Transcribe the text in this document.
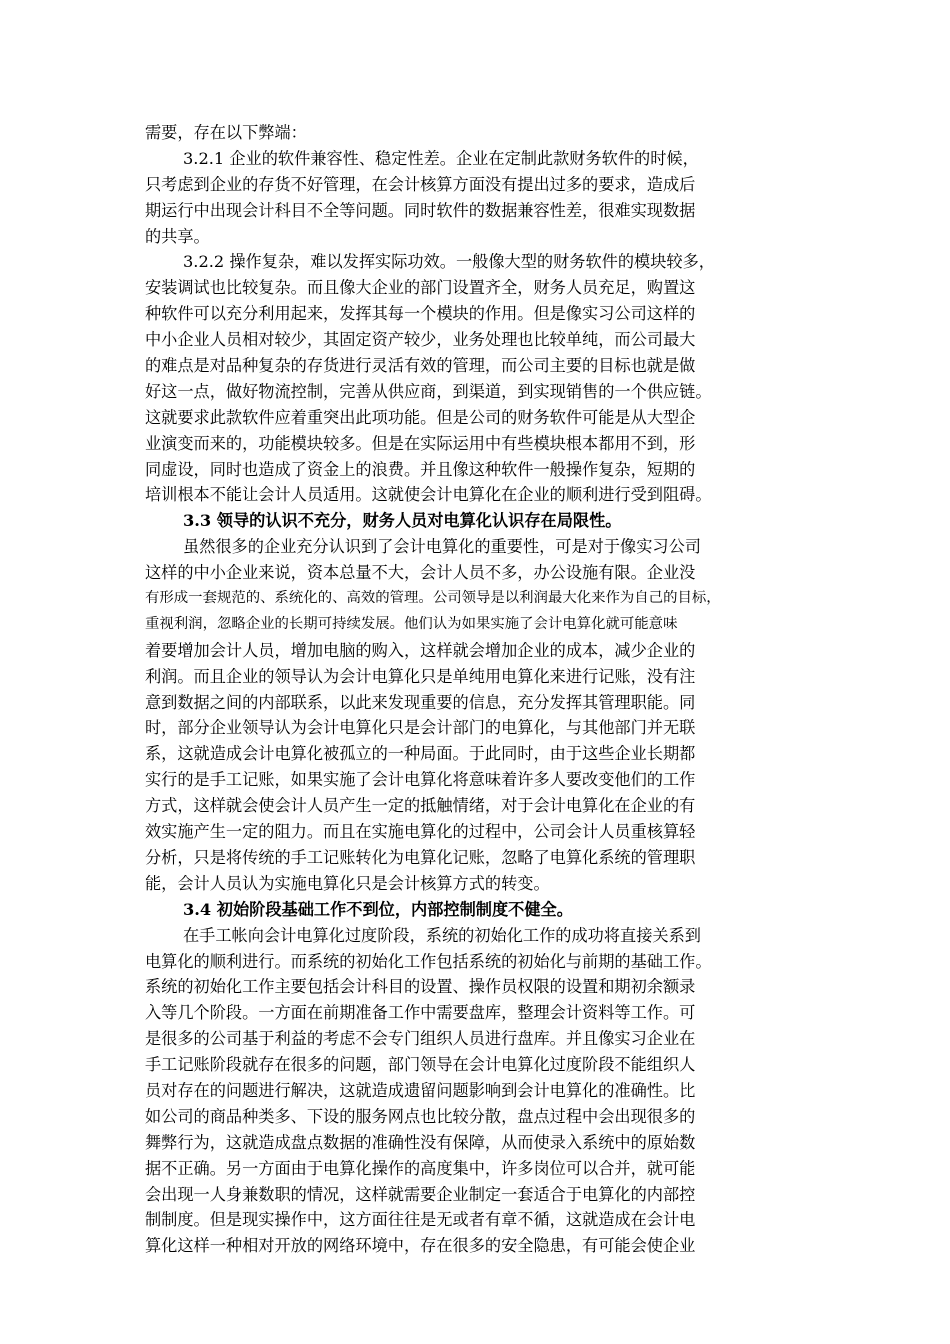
需要，存在以下弊端：
3.2.1 企业的软件兼容性、稳定性差。企业在定制此款财务软件的时候，
只考虑到企业的存货不好管理，在会计核算方面没有提出过多的要求，造成后
期运行中出现会计科目不全等问题。同时软件的数据兼容性差，很难实现数据
的共享。
3.2.2 操作复杂，难以发挥实际功效。一般像大型的财务软件的模块较多，
安装调试也比较复杂。而且像大企业的部门设置齐全，财务人员充足，购置这
种软件可以充分利用起来，发挥其每一个模块的作用。但是像实习公司这样的
中小企业人员相对较少，其固定资产较少，业务处理也比较单纯，而公司最大
的难点是对品种复杂的存货进行灵活有效的管理，而公司主要的目标也就是做
好这一点，做好物流控制，完善从供应商，到渠道，到实现销售的一个供应链。
这就要求此款软件应着重突出此项功能。但是公司的财务软件可能是从大型企
业演变而来的，功能模块较多。但是在实际运用中有些模块根本都用不到，形
同虚设，同时也造成了资金上的浪费。并且像这种软件一般操作复杂，短期的
培训根本不能让会计人员适用。这就使会计电算化在企业的顺利进行受到阻碍。
3.3 领导的认识不充分，财务人员对电算化认识存在局限性。
虽然很多的企业充分认识到了会计电算化的重要性，可是对于像实习公司
这样的中小企业来说，资本总量不大，会计人员不多，办公设施有限。企业没
有形成一套规范的、系统化的、高效的管理。公司领导是以利润最大化来作为自己的目标，
重视利润，忽略企业的长期可持续发展。他们认为如果实施了会计电算化就可能意味
着要增加会计人员，增加电脑的购入，这样就会增加企业的成本，减少企业的
利润。而且企业的领导认为会计电算化只是单纯用电算化来进行记账，没有注
意到数据之间的内部联系，以此来发现重要的信息，充分发挥其管理职能。同
时，部分企业领导认为会计电算化只是会计部门的电算化，与其他部门并无联
系，这就造成会计电算化被孤立的一种局面。于此同时，由于这些企业长期都
实行的是手工记账，如果实施了会计电算化将意味着许多人要改变他们的工作
方式，这样就会使会计人员产生一定的抵触情绪，对于会计电算化在企业的有
效实施产生一定的阻力。而且在实施电算化的过程中，公司会计人员重核算轻
分析，只是将传统的手工记账转化为电算化记账，忽略了电算化系统的管理职
能，会计人员认为实施电算化只是会计核算方式的转变。
3.4 初始阶段基础工作不到位，内部控制制度不健全。
在手工帐向会计电算化过度阶段，系统的初始化工作的成功将直接关系到
电算化的顺利进行。而系统的初始化工作包括系统的初始化与前期的基础工作。
系统的初始化工作主要包括会计科目的设置、操作员权限的设置和期初余额录
入等几个阶段。一方面在前期准备工作中需要盘库，整理会计资料等工作。可
是很多的公司基于利益的考虑不会专门组织人员进行盘库。并且像实习企业在
手工记账阶段就存在很多的问题，部门领导在会计电算化过度阶段不能组织人
员对存在的问题进行解决，这就造成遗留问题影响到会计电算化的准确性。比
如公司的商品种类多、下设的服务网点也比较分散，盘点过程中会出现很多的
舞弊行为，这就造成盘点数据的准确性没有保障，从而使录入系统中的原始数
据不正确。另一方面由于电算化操作的高度集中，许多岗位可以合并，就可能
会出现一人身兼数职的情况，这样就需要企业制定一套适合于电算化的内部控
制制度。但是现实操作中，这方面往往是无或者有章不循，这就造成在会计电
算化这样一种相对开放的网络环境中，存在很多的安全隐患，有可能会使企业
